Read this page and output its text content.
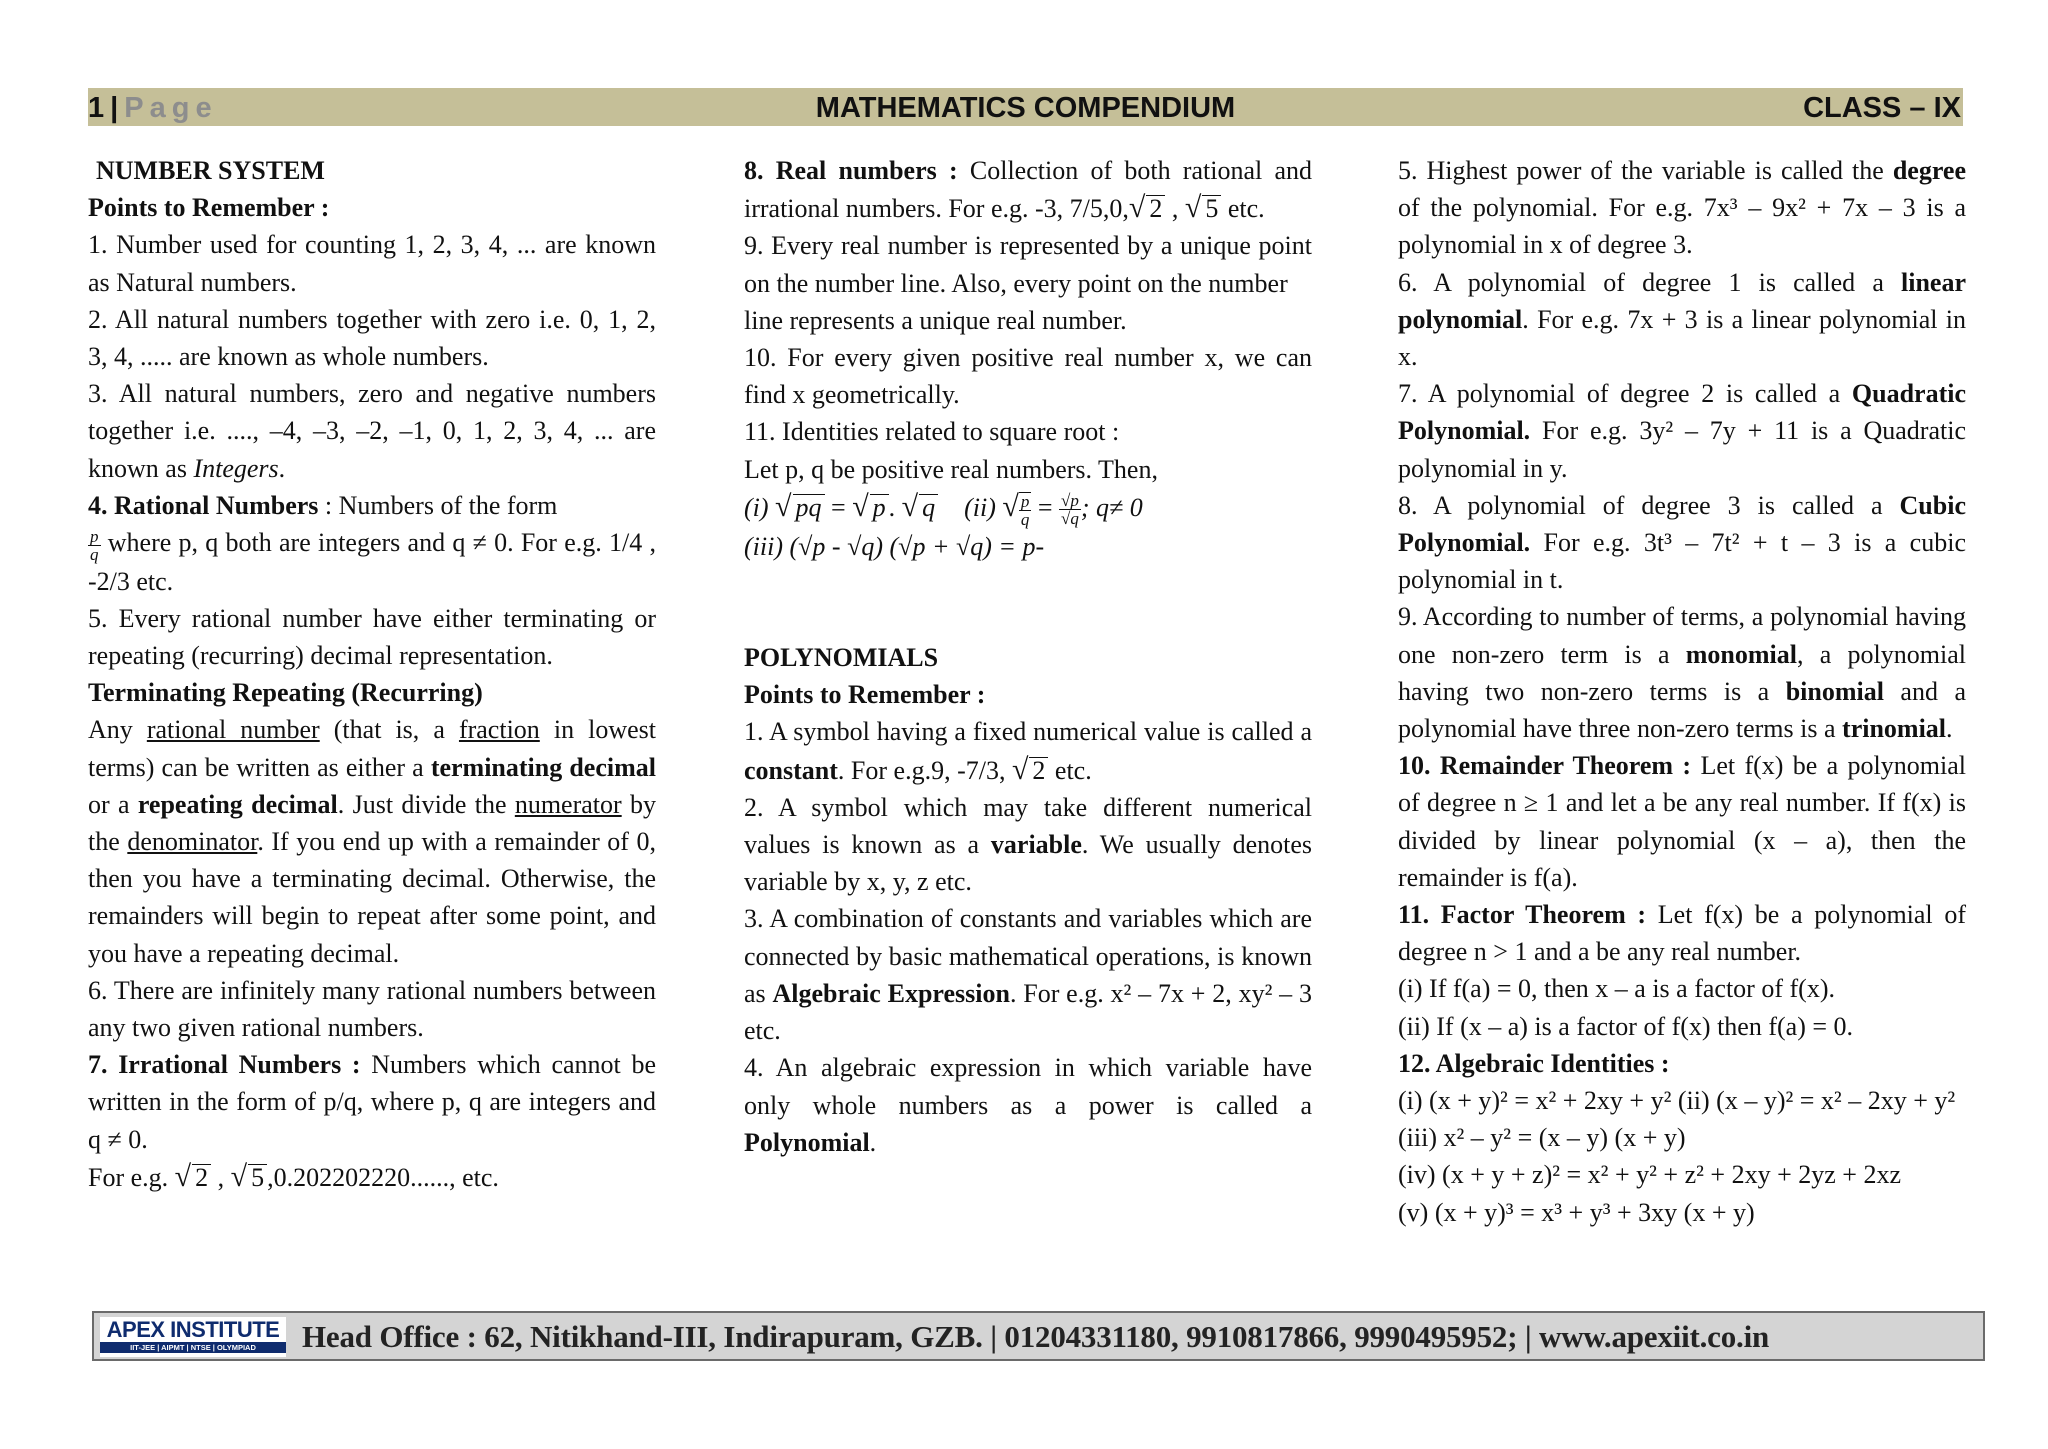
1 | Page	MATHEMATICS COMPENDIUM	CLASS – IX

NUMBER SYSTEM

Points to Remember :

1. Number used for counting 1, 2, 3, 4, ... are known as Natural numbers.

2. All natural numbers together with zero i.e. 0, 1, 2, 3, 4, ..... are known as whole numbers.

3. All natural numbers, zero and negative numbers together i.e. ...., –4, –3, –2, –1, 0, 1, 2, 3, 4, ... are known as Integers.

4. Rational Numbers : Numbers of the form

$\frac{p}{q}$ where p, q both are integers and q ≠ 0. For e.g. 1/4 , -2/3 etc.

5. Every rational number have either terminating or repeating (recurring) decimal representation.

Terminating Repeating (Recurring)

Any rational number (that is, a fraction in lowest terms) can be written as either a terminating decimal or a repeating decimal. Just divide the numerator by the denominator. If you end up with a remainder of 0, then you have a terminating decimal. Otherwise, the remainders will begin to repeat after some point, and you have a repeating decimal.

6. There are infinitely many rational numbers between any two given rational numbers.

7. Irrational Numbers : Numbers which cannot be written in the form of p/q, where p, q are integers and q ≠ 0.

For e.g. √ 2 , √ 5 ,0.202202220......, etc.

8. Real numbers : Collection of both rational and irrational numbers. For e.g. -3, 7/5,0,√ 2 , √ 5 etc.

9. Every real number is represented by a unique point on the number line. Also, every point on the number

line represents a unique real number.

10. For every given positive real number x, we can find x geometrically.

11. Identities related to square root :

Let p, q be positive real numbers. Then,

(i) √ pq = √ p . √ q (ii) √ $\frac{p}{q} = \frac{√p}{√q}$ ; q≠ 0

(iii) (√p - √q) (√p + √q) = p-

POLYNOMIALS

Points to Remember :

1. A symbol having a fixed numerical value is called a constant. For e.g.9, -7/3, √ 2 etc.

2. A symbol which may take different numerical values is known as a variable. We usually denotes variable by x, y, z etc.

3. A combination of constants and variables which are connected by basic mathematical operations, is known as Algebraic Expression. For e.g. x² – 7x + 2, xy² – 3 etc.

4. An algebraic expression in which variable have only whole numbers as a power is called a Polynomial.

5. Highest power of the variable is called the degree of the polynomial. For e.g. 7x³ – 9x² + 7x – 3 is a polynomial in x of degree 3.

6. A polynomial of degree 1 is called a linear polynomial. For e.g. 7x + 3 is a linear polynomial in x.

7. A polynomial of degree 2 is called a Quadratic Polynomial. For e.g. 3y² – 7y + 11 is a Quadratic polynomial in y.

8. A polynomial of degree 3 is called a Cubic Polynomial. For e.g. 3t³ – 7t² + t – 3 is a cubic polynomial in t.

9. According to number of terms, a polynomial having one non-zero term is a monomial, a polynomial having two non-zero terms is a binomial and a polynomial have three non-zero terms is a trinomial.

10. Remainder Theorem : Let f(x) be a polynomial of degree n ≥ 1 and let a be any real number. If f(x) is divided by linear polynomial (x – a), then the remainder is f(a).

11. Factor Theorem : Let f(x) be a polynomial of degree n > 1 and a be any real number.

(i) If f(a) = 0, then x – a is a factor of f(x).

(ii) If (x – a) is a factor of f(x) then f(a) = 0.

12. Algebraic Identities :

(i) (x + y)² = x² + 2xy + y² (ii) (x – y)² = x² – 2xy + y²

(iii) x² – y² = (x – y) (x + y)

(iv) (x + y + z)² = x² + y² + z² + 2xy + 2yz + 2xz

(v) (x + y)³ = x³ + y³ + 3xy (x + y)

APEX INSTITUTE
IIT-JEE | AIPMT | NTSE | OLYMPIAD	Head Office : 62, Nitikhand-III, Indirapuram, GZB. | 01204331180, 9910817866, 9990495952; | www.apexiit.co.in
